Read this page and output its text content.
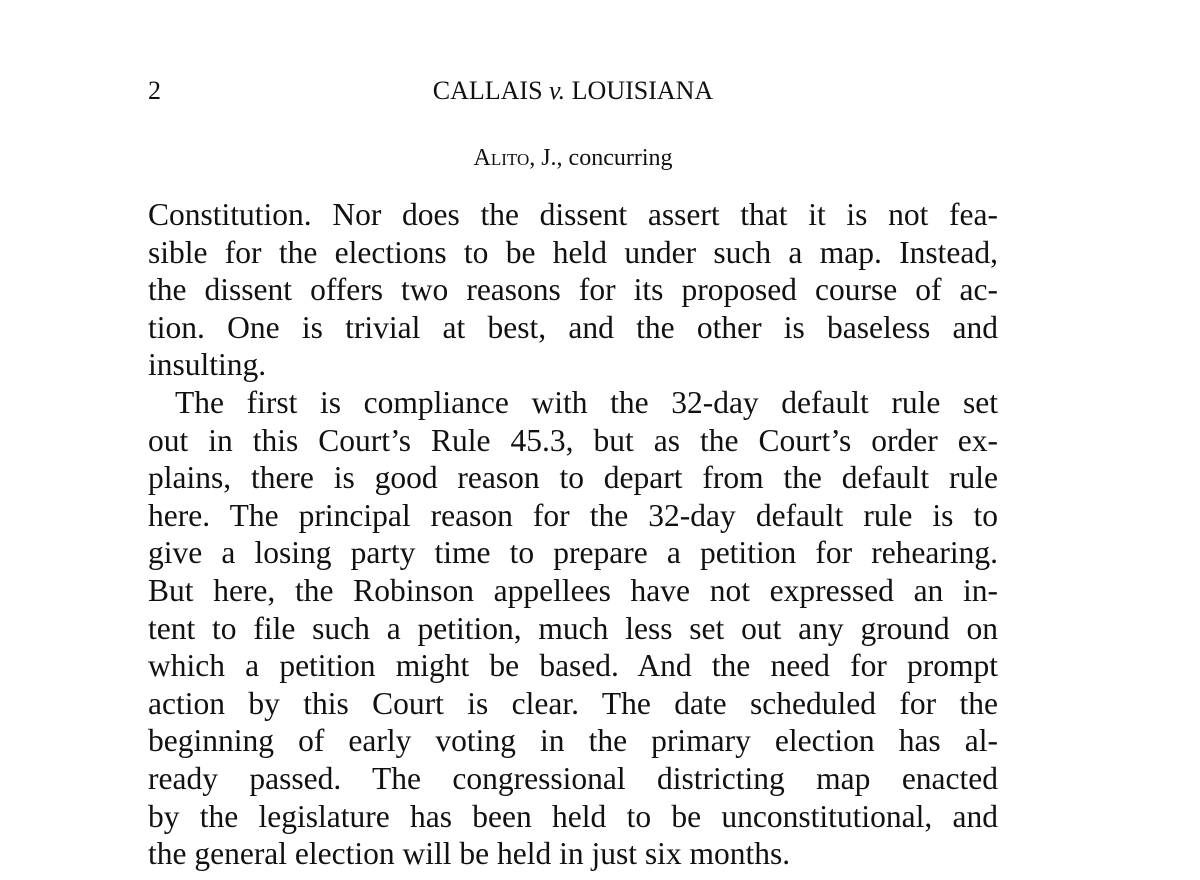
2	CALLAIS v. LOUISIANA
Alito, J., concurring
Constitution. Nor does the dissent assert that it is not fea-
sible for the elections to be held under such a map. Instead,
the dissent offers two reasons for its proposed course of ac-
tion. One is trivial at best, and the other is baseless and
insulting.
The first is compliance with the 32-day default rule set
out in this Court’s Rule 45.3, but as the Court’s order ex-
plains, there is good reason to depart from the default rule
here. The principal reason for the 32-day default rule is to
give a losing party time to prepare a petition for rehearing.
But here, the Robinson appellees have not expressed an in-
tent to file such a petition, much less set out any ground on
which a petition might be based. And the need for prompt
action by this Court is clear. The date scheduled for the
beginning of early voting in the primary election has al-
ready passed. The congressional districting map enacted
by the legislature has been held to be unconstitutional, and
the general election will be held in just six months.
